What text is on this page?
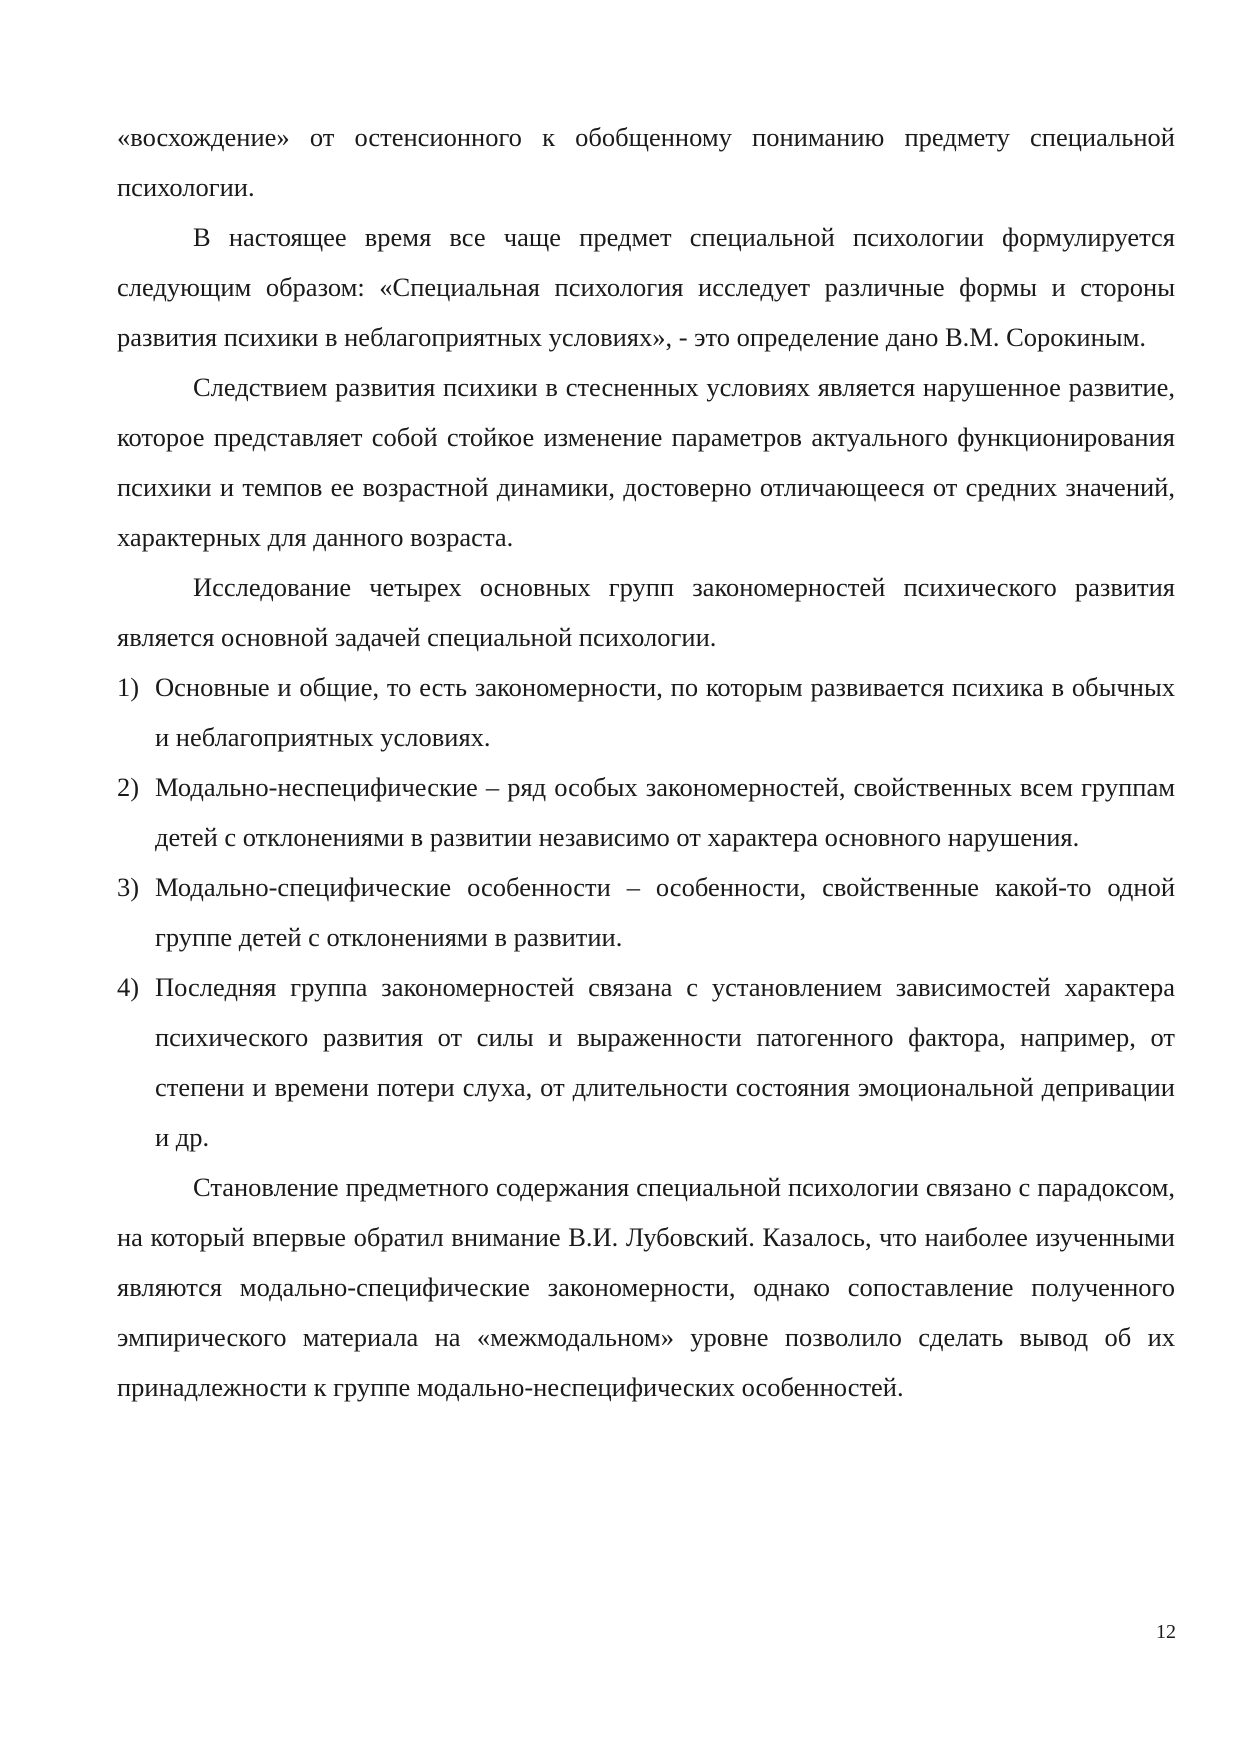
«восхождение» от остенсионного к обобщенному пониманию предмету специальной психологии.

В настоящее время все чаще предмет специальной психологии формулируется следующим образом: «Специальная психология исследует различные формы и стороны развития психики в неблагоприятных условиях», - это определение дано В.М. Сорокиным.

Следствием развития психики в стесненных условиях является нарушенное развитие, которое представляет собой стойкое изменение параметров актуального функционирования психики и темпов ее возрастной динамики, достоверно отличающееся от средних значений, характерных для данного возраста.

Исследование четырех основных групп закономерностей психического развития является основной задачей специальной психологии.

1) Основные и общие, то есть закономерности, по которым развивается психика в обычных и неблагоприятных условиях.
2) Модально-неспецифические – ряд особых закономерностей, свойственных всем группам детей с отклонениями в развитии независимо от характера основного нарушения.
3) Модально-специфические особенности – особенности, свойственные какой-то одной группе детей с отклонениями в развитии.
4) Последняя группа закономерностей связана с установлением зависимостей характера психического развития от силы и выраженности патогенного фактора, например, от степени и времени потери слуха, от длительности состояния эмоциональной депривации и др.

Становление предметного содержания специальной психологии связано с парадоксом, на который впервые обратил внимание В.И. Лубовский. Казалось, что наиболее изученными являются модально-специфические закономерности, однако сопоставление полученного эмпирического материала на «межмодальном» уровне позволило сделать вывод об их принадлежности к группе модально-неспецифических особенностей.

12
